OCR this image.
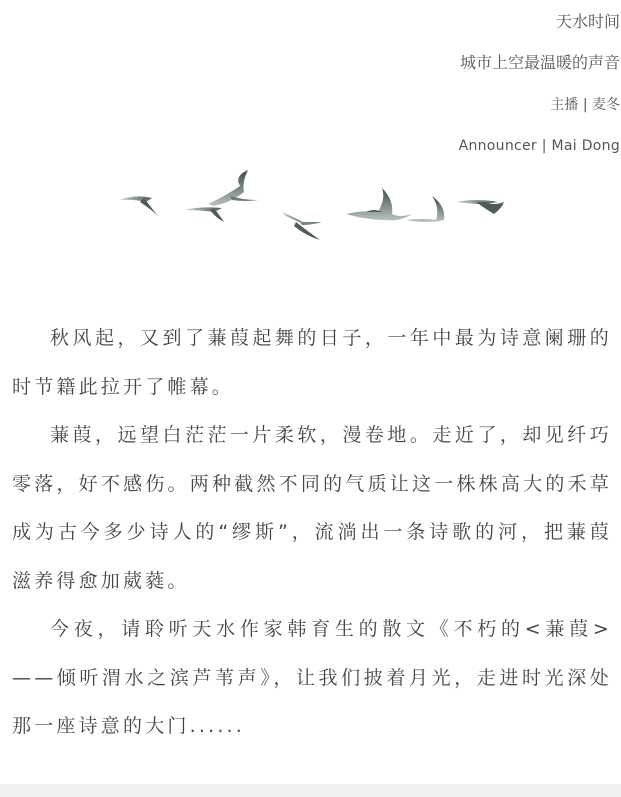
天水时间
城市上空最温暖的声音
主播 | 麦冬
Announcer | Mai Dong

秋风起，又到了蒹葭起舞的日子，一年中最为诗意阑珊的时节籍此拉开了帷幕。

蒹葭，远望白茫茫一片柔软，漫卷地。走近了，却见纤巧零落，好不感伤。两种截然不同的气质让这一株株高大的禾草成为古今多少诗人的“缪斯”，流淌出一条诗歌的河，把蒹葭滋养得愈加葳蕤。

今夜，请聆听天水作家韩育生的散文《不朽的<蒹葭>——倾听渭水之滨芦苇声》，让我们披着月光，走进时光深处那一座诗意的大门......
